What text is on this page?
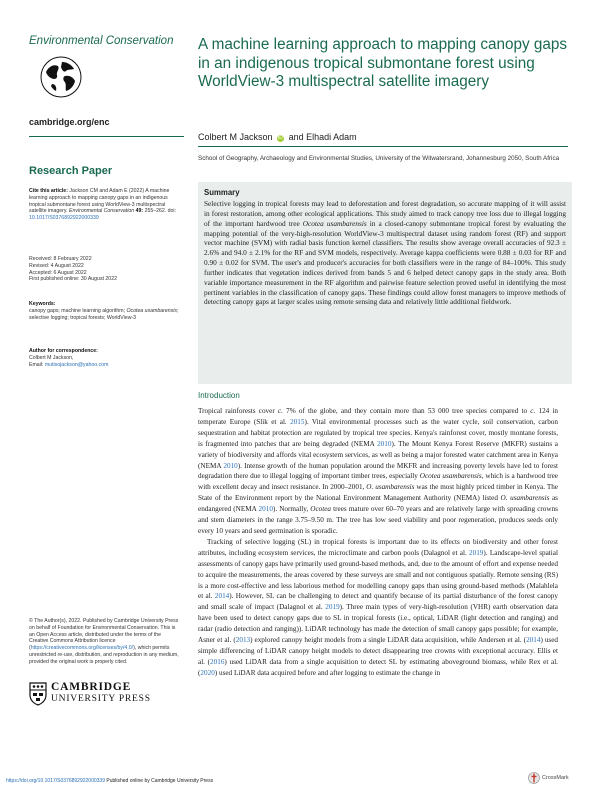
Environmental Conservation
cambridge.org/enc
Research Paper
Cite this article: Jackson CM and Adam E (2022) A machine learning approach to mapping canopy gaps in an indigenous tropical submontane forest using WorldView-3 multispectral satellite imagery. Environmental Conservation 49: 255–262. doi: 10.1017/S0376892922000339
Received: 8 February 2022
Revised: 4 August 2022
Accepted: 6 August 2022
First published online: 30 August 2022
Keywords:
canopy gaps; machine learning algorithm; Ocotea usambarensis; selective logging; tropical forests; WorldView-3
Author for correspondence:
Colbert M Jackson,
Email: mutisojackson@yahoo.com
© The Author(s), 2022. Published by Cambridge University Press on behalf of Foundation for Environmental Conservation. This is an Open Access article, distributed under the terms of the Creative Commons Attribution licence (https://creativecommons.org/licenses/by/4.0/), which permits unrestricted re-use, distribution, and reproduction in any medium, provided the original work is properly cited.
CAMBRIDGE
UNIVERSITY PRESS
A machine learning approach to mapping canopy gaps in an indigenous tropical submontane forest using WorldView-3 multispectral satellite imagery
Colbert M Jackson iD and Elhadi Adam
School of Geography, Archaeology and Environmental Studies, University of the Witwatersrand, Johannesburg 2050, South Africa
Summary
Selective logging in tropical forests may lead to deforestation and forest degradation, so accurate mapping of it will assist in forest restoration, among other ecological applications. This study aimed to track canopy tree loss due to illegal logging of the important hardwood tree Ocotea usambarensis in a closed-canopy submontane tropical forest by evaluating the mapping potential of the very-high-resolution WorldView-3 multispectral dataset using random forest (RF) and support vector machine (SVM) with radial basis function kernel classifiers. The results show average overall accuracies of 92.3 ± 2.6% and 94.0 ± 2.1% for the RF and SVM models, respectively. Average kappa coefficients were 0.88 ± 0.03 for RF and 0.90 ± 0.02 for SVM. The user's and producer's accuracies for both classifiers were in the range of 84–100%. This study further indicates that vegetation indices derived from bands 5 and 6 helped detect canopy gaps in the study area. Both variable importance measurement in the RF algorithm and pairwise feature selection proved useful in identifying the most pertinent variables in the classification of canopy gaps. These findings could allow forest managers to improve methods of detecting canopy gaps at larger scales using remote sensing data and relatively little additional fieldwork.
Introduction

Tropical rainforests cover c. 7% of the globe, and they contain more than 53 000 tree species compared to c. 124 in temperate Europe (Slik et al. 2015). Vital environmental processes such as the water cycle, soil conservation, carbon sequestration and habitat protection are regulated by tropical tree species. Kenya's rainforest cover, mostly montane forests, is fragmented into patches that are being degraded (NEMA 2010). The Mount Kenya Forest Reserve (MKFR) sustains a variety of biodiversity and affords vital ecosystem services, as well as being a major forested water catchment area in Kenya (NEMA 2010). Intense growth of the human population around the MKFR and increasing poverty levels have led to forest degradation there due to illegal logging of important timber trees, especially Ocotea usambarensis, which is a hardwood tree with excellent decay and insect resistance. In 2000–2001, O. usambarensis was the most highly priced timber in Kenya. The State of the Environment report by the National Environment Management Authority (NEMA) listed O. usambarensis as endangered (NEMA 2010). Normally, Ocotea trees mature over 60–70 years and are relatively large with spreading crowns and stem diameters in the range 3.75–9.50 m. The tree has low seed viability and poor regeneration, produces seeds only every 10 years and seed germination is sporadic.

Tracking of selective logging (SL) in tropical forests is important due to its effects on biodiversity and other forest attributes, including ecosystem services, the microclimate and carbon pools (Dalagnol et al. 2019). Landscape-level spatial assessments of canopy gaps have primarily used ground-based methods, and, due to the amount of effort and expense needed to acquire the measurements, the areas covered by these surveys are small and not contiguous spatially. Remote sensing (RS) is a more cost-effective and less laborious method for modelling canopy gaps than using ground-based methods (Malahlela et al. 2014). However, SL can be challenging to detect and quantify because of its partial disturbance of the forest canopy and small scale of impact (Dalagnol et al. 2019). Three main types of very-high-resolution (VHR) earth observation data have been used to detect canopy gaps due to SL in tropical forests (i.e., optical, LiDAR (light detection and ranging) and radar (radio detection and ranging)). LiDAR technology has made the detection of small canopy gaps possible; for example, Asner et al. (2013) explored canopy height models from a single LiDAR data acquisition, while Andersen et al. (2014) used simple differencing of LiDAR canopy height models to detect disappearing tree crowns with exceptional accuracy. Ellis et al. (2016) used LiDAR data from a single acquisition to detect SL by estimating aboveground biomass, while Rex et al. (2020) used LiDAR data acquired before and after logging to estimate the change in

https://doi.org/10.1017/S0376892922000339 Published online by Cambridge University Press	CrossMark
